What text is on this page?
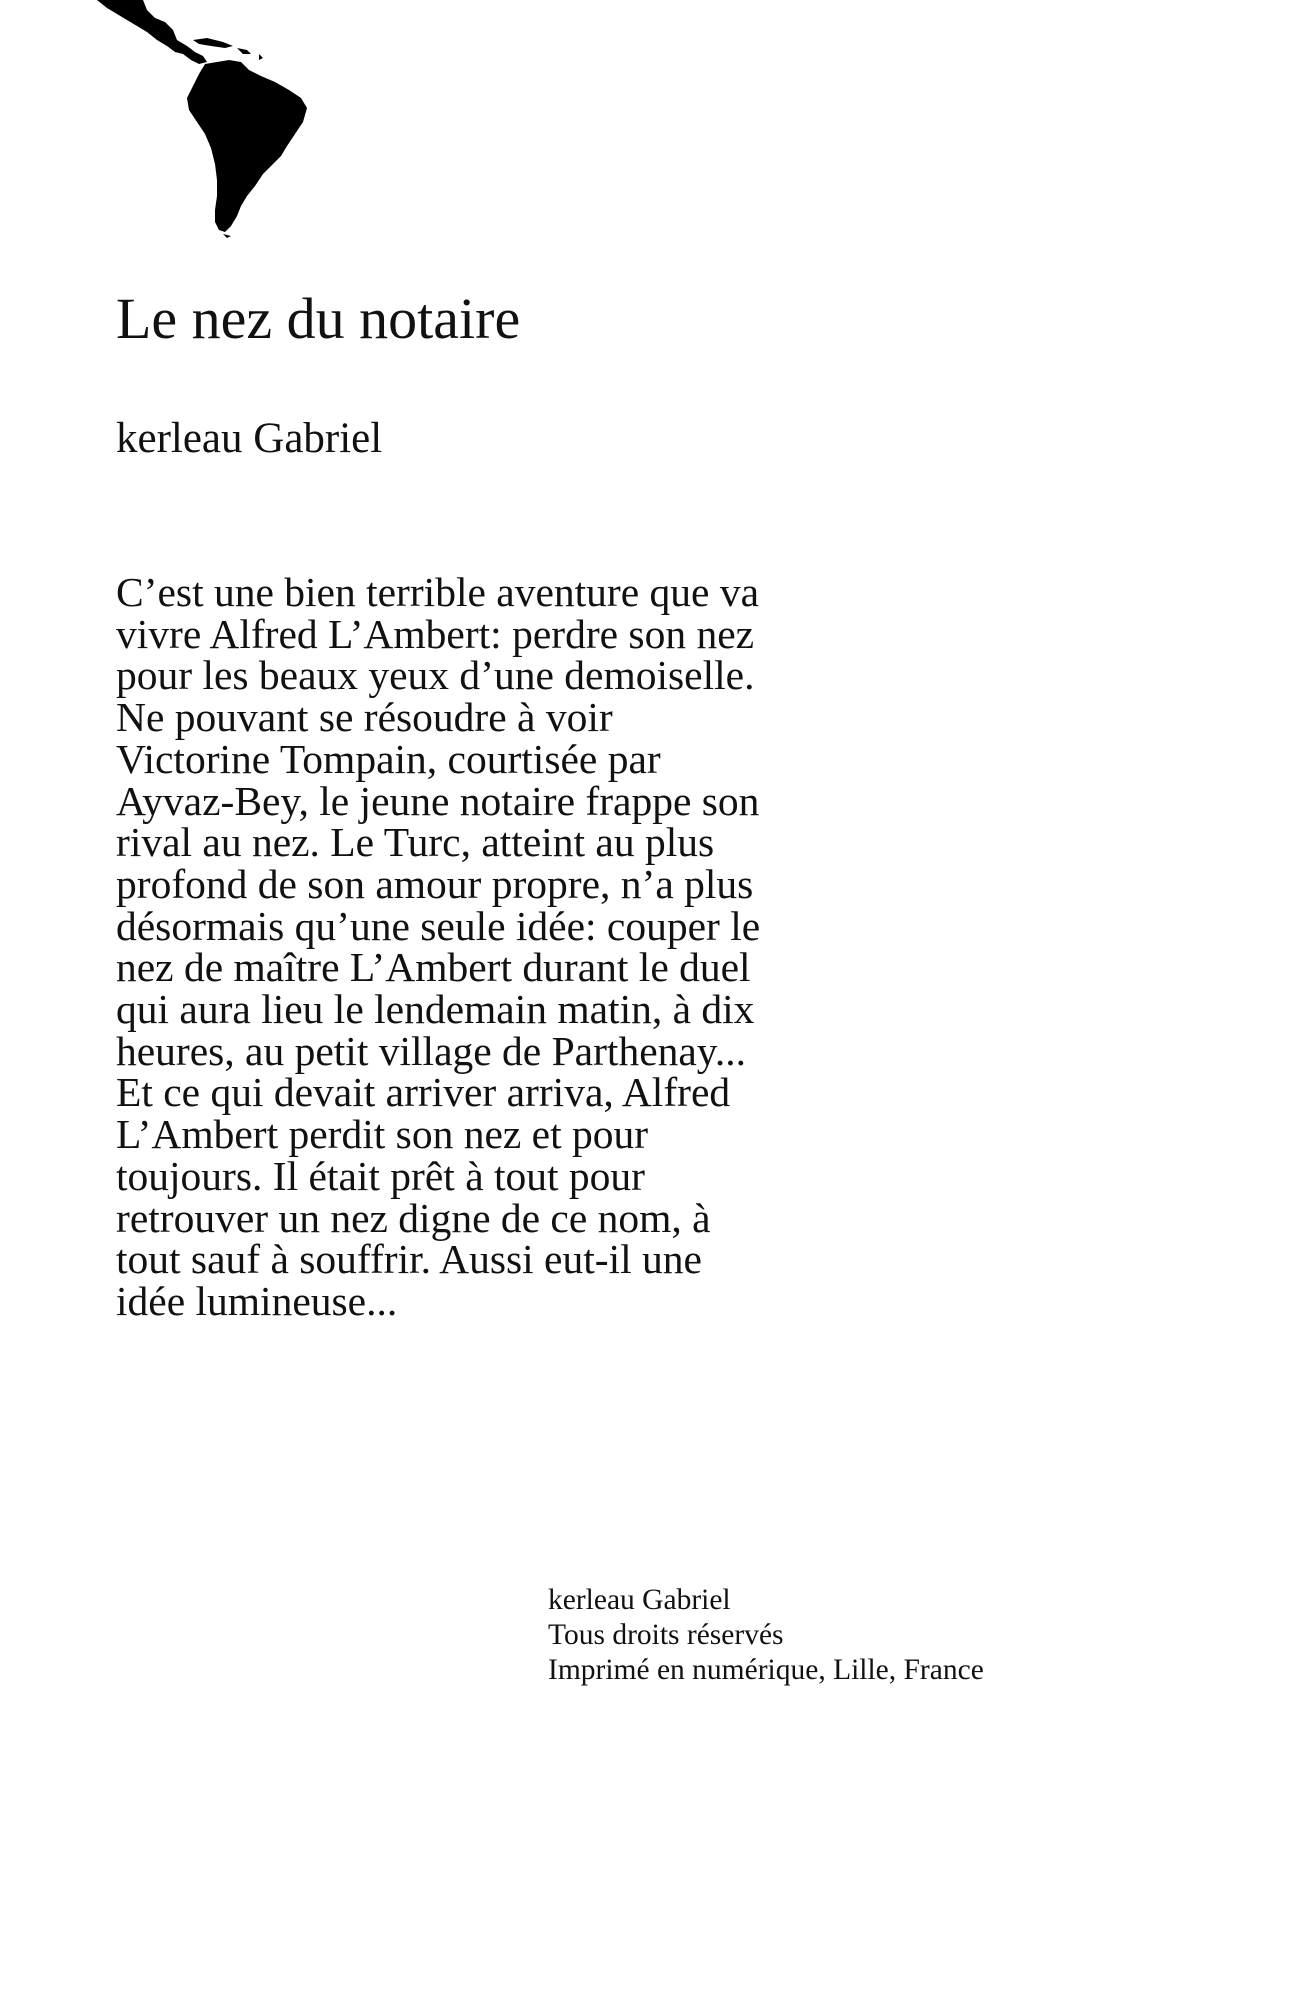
Le nez du notaire

kerleau Gabriel

C’est une bien terrible aventure que va
vivre Alfred L’Ambert: perdre son nez
pour les beaux yeux d’une demoiselle.
Ne pouvant se résoudre à voir
Victorine Tompain, courtisée par
Ayvaz-Bey, le jeune notaire frappe son
rival au nez. Le Turc, atteint au plus
profond de son amour propre, n’a plus
désormais qu’une seule idée: couper le
nez de maître L’Ambert durant le duel
qui aura lieu le lendemain matin, à dix
heures, au petit village de Parthenay...
Et ce qui devait arriver arriva, Alfred
L’Ambert perdit son nez et pour
toujours. Il était prêt à tout pour
retrouver un nez digne de ce nom, à
tout sauf à souffrir. Aussi eut-il une
idée lumineuse...

kerleau Gabriel
Tous droits réservés
Imprimé en numérique, Lille, France
